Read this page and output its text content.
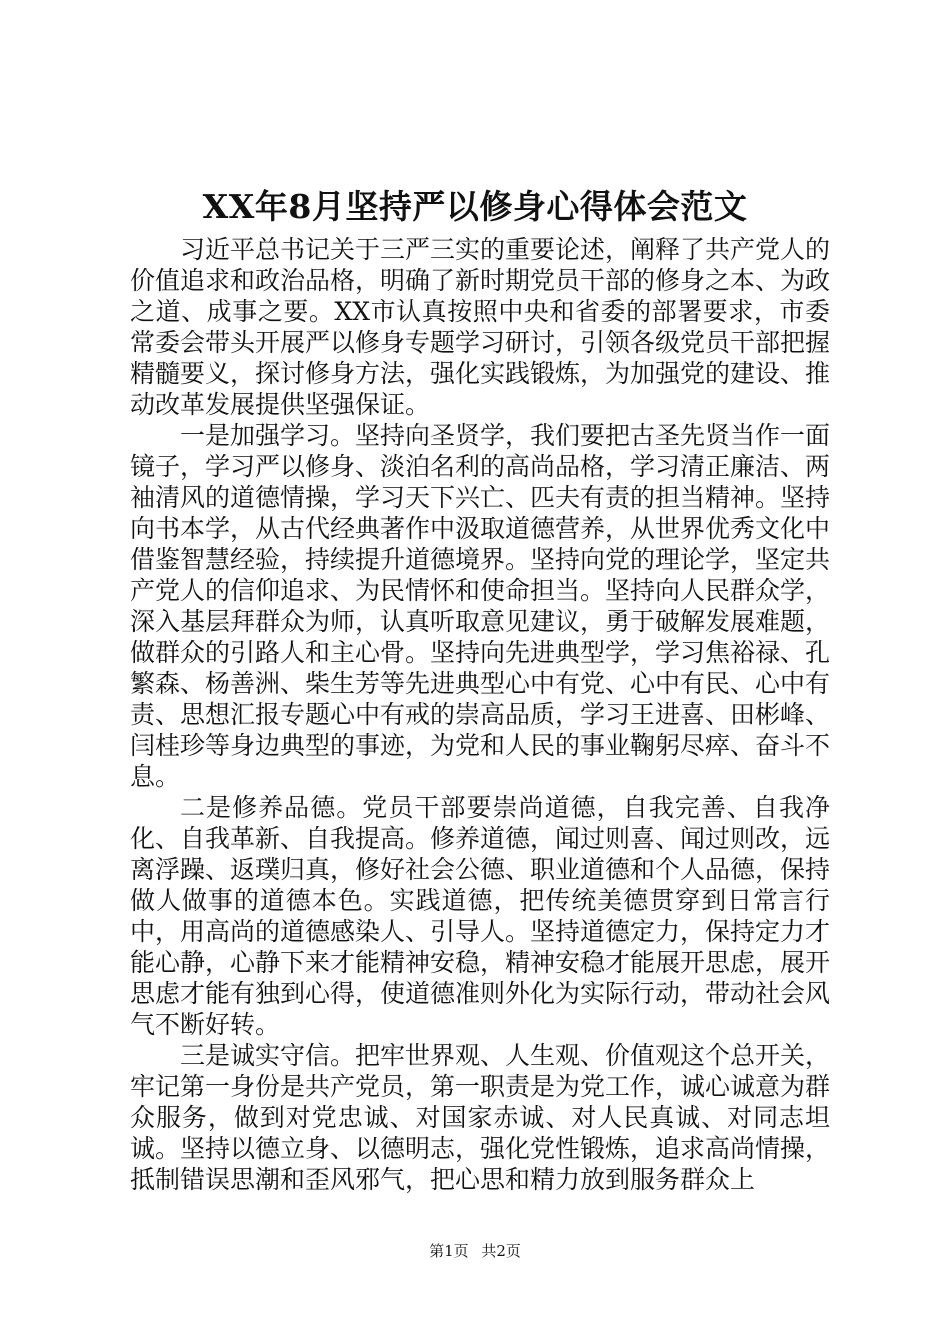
XX年8月坚持严以修身心得体会范文

习近平总书记关于三严三实的重要论述，阐释了共产党人的价值追求和政治品格，明确了新时期党员干部的修身之本、为政之道、成事之要。XX市认真按照中央和省委的部署要求，市委常委会带头开展严以修身专题学习研讨，引领各级党员干部把握精髓要义，探讨修身方法，强化实践锻炼，为加强党的建设、推动改革发展提供坚强保证。

一是加强学习。坚持向圣贤学，我们要把古圣先贤当作一面镜子，学习严以修身、淡泊名利的高尚品格，学习清正廉洁、两袖清风的道德情操，学习天下兴亡、匹夫有责的担当精神。坚持向书本学，从古代经典著作中汲取道德营养，从世界优秀文化中借鉴智慧经验，持续提升道德境界。坚持向党的理论学，坚定共产党人的信仰追求、为民情怀和使命担当。坚持向人民群众学，深入基层拜群众为师，认真听取意见建议，勇于破解发展难题，做群众的引路人和主心骨。坚持向先进典型学，学习焦裕禄、孔繁森、杨善洲、柴生芳等先进典型心中有党、心中有民、心中有责、思想汇报专题心中有戒的崇高品质，学习王进喜、田彬峰、闫桂珍等身边典型的事迹，为党和人民的事业鞠躬尽瘁、奋斗不息。

二是修养品德。党员干部要崇尚道德，自我完善、自我净化、自我革新、自我提高。修养道德，闻过则喜、闻过则改，远离浮躁、返璞归真，修好社会公德、职业道德和个人品德，保持做人做事的道德本色。实践道德，把传统美德贯穿到日常言行中，用高尚的道德感染人、引导人。坚持道德定力，保持定力才能心静，心静下来才能精神安稳，精神安稳才能展开思虑，展开思虑才能有独到心得，使道德准则外化为实际行动，带动社会风气不断好转。

三是诚实守信。把牢世界观、人生观、价值观这个总开关，牢记第一身份是共产党员，第一职责是为党工作，诚心诚意为群众服务，做到对党忠诚、对国家赤诚、对人民真诚、对同志坦诚。坚持以德立身、以德明志，强化党性锻炼，追求高尚情操，抵制错误思潮和歪风邪气，把心思和精力放到服务群众上

第1页 共2页
